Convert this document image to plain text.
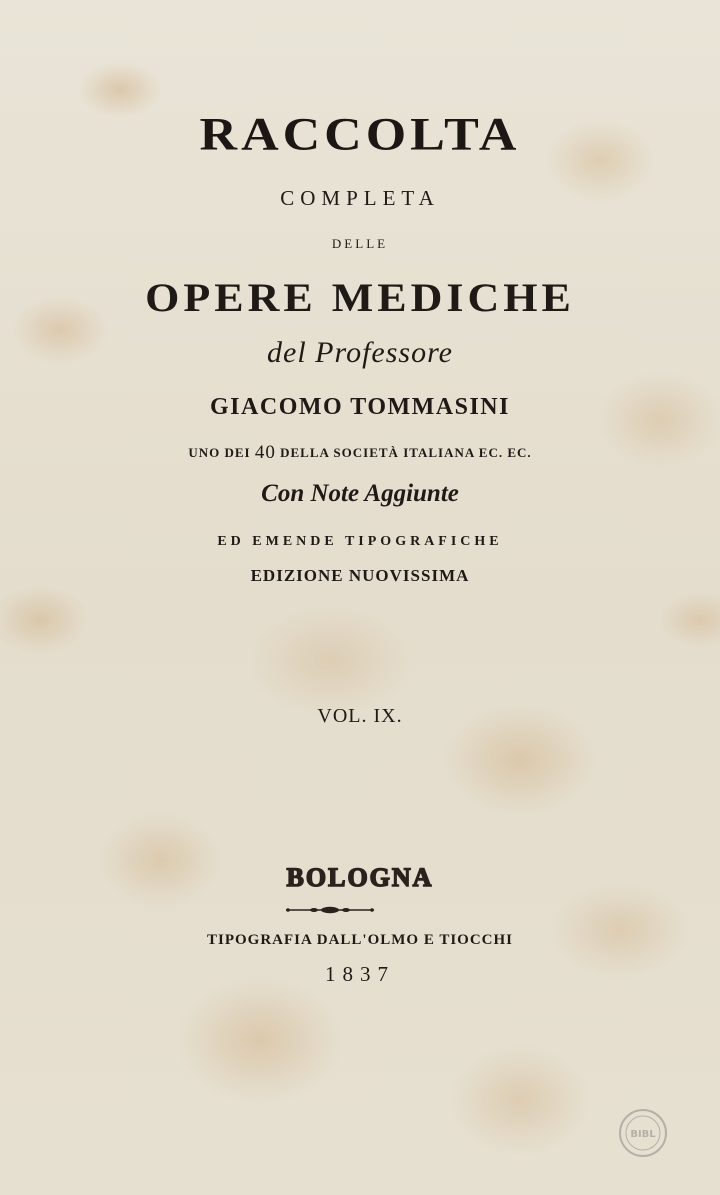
RACCOLTA
COMPLETA
DELLE
OPERE MEDICHE
del Professore
GIACOMO TOMMASINI
UNO DEI 40 DELLA SOCIETÀ ITALIANA EC. EC.
Con Note Aggiunte
ED EMENDE TIPOGRAFICHE
EDIZIONE NUOVISSIMA
VOL. IX.
BOLOGNA
TIPOGRAFIA DALL'OLMO E TIOCCHI
1837
BIBL
